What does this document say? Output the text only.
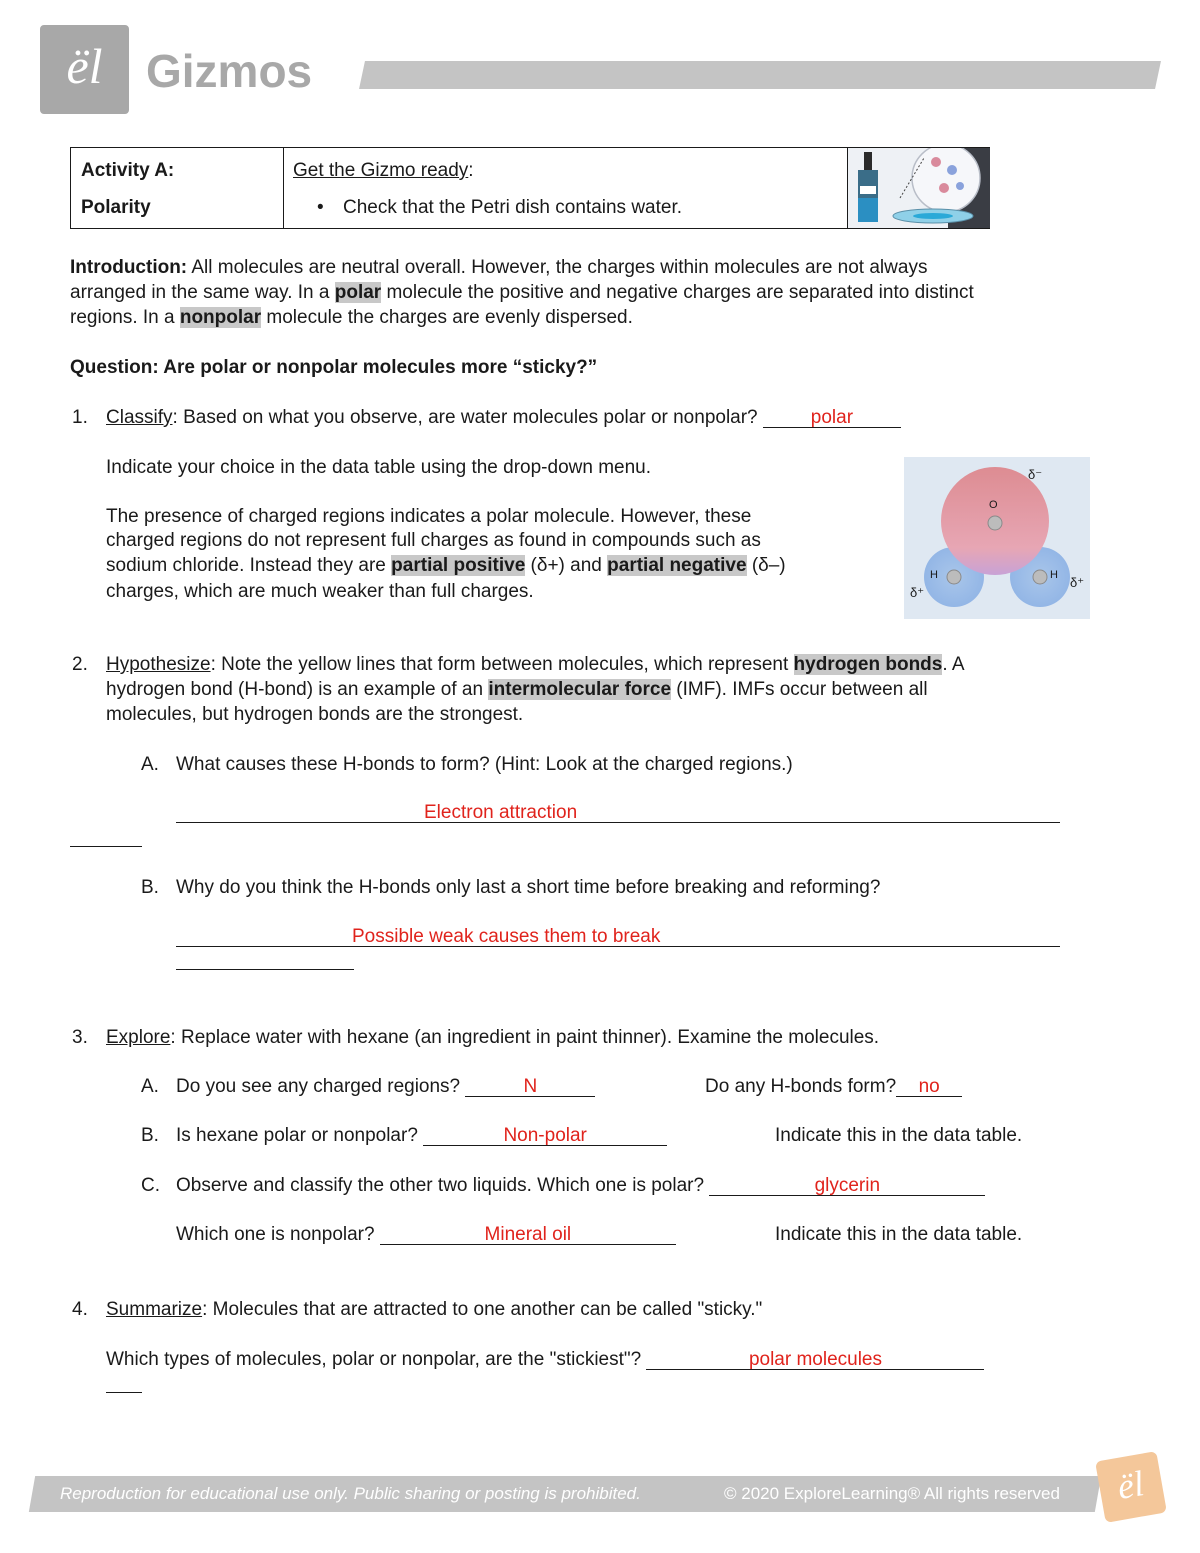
ël Gizmos
Activity A:
Polarity
Get the Gizmo ready:
• Check that the Petri dish contains water.
Introduction: All molecules are neutral overall. However, the charges within molecules are not always
arranged in the same way. In a polar molecule the positive and negative charges are separated into distinct
regions. In a nonpolar molecule the charges are evenly dispersed.
Question: Are polar or nonpolar molecules more “sticky?”
1. Classify: Based on what you observe, are water molecules polar or nonpolar?	polar
Indicate your choice in the data table using the drop-down menu.
The presence of charged regions indicates a polar molecule. However, these
charged regions do not represent full charges as found in compounds such as
sodium chloride. Instead they are partial positive (δ+) and partial negative (δ–)
charges, which are much weaker than full charges.
δ⁻
O
H	H
δ⁺
δ⁺
2. Hypothesize: Note the yellow lines that form between molecules, which represent hydrogen bonds. A
hydrogen bond (H-bond) is an example of an intermolecular force (IMF). IMFs occur between all
molecules, but hydrogen bonds are the strongest.
A. What causes these H-bonds to form? (Hint: Look at the charged regions.)
Electron attraction
B. Why do you think the H-bonds only last a short time before breaking and reforming?
Possible weak causes them to break
3. Explore: Replace water with hexane (an ingredient in paint thinner). Examine the molecules.
A. Do you see any charged regions?	N	Do any H-bonds form? no
B. Is hexane polar or nonpolar?	Non-polar	Indicate this in the data table.
C. Observe and classify the other two liquids. Which one is polar?	glycerin
Which one is nonpolar?	Mineral oil	Indicate this in the data table.
4. Summarize: Molecules that are attracted to one another can be called "sticky."
Which types of molecules, polar or nonpolar, are the "stickiest"?	polar molecules
Reproduction for educational use only. Public sharing or posting is prohibited.	© 2020 ExploreLearning® All rights reserved	ël
